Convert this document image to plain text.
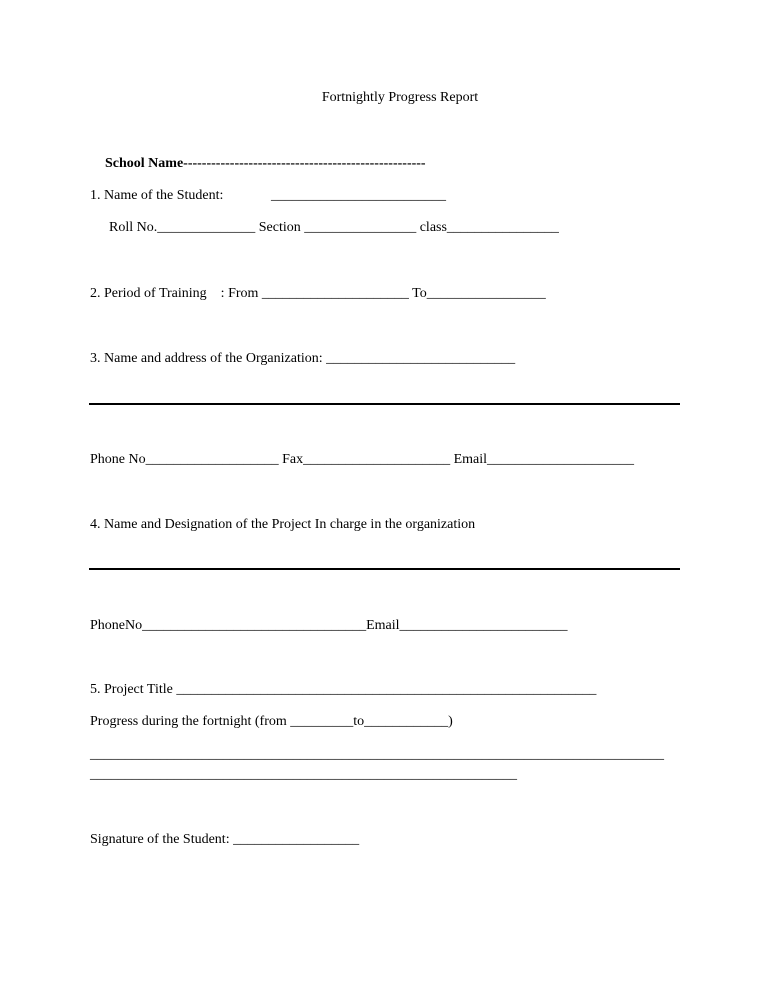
Fortnightly Progress Report
School Name----------------------------------------------------
1. Name of the Student:	_________________________
Roll No.______________ Section ________________ class________________
2. Period of Training    : From _____________________ To_________________
3. Name and address of the Organization: ___________________________
Phone No___________________ Fax_____________________ Email_____________________
4. Name and Designation of the Project In charge in the organization
PhoneNo________________________________Email________________________
5. Project Title ____________________________________________________________
Progress during the fortnight (from _________to____________)
__________________________________________________________________________________
_____________________________________________________________
Signature of the Student: __________________
